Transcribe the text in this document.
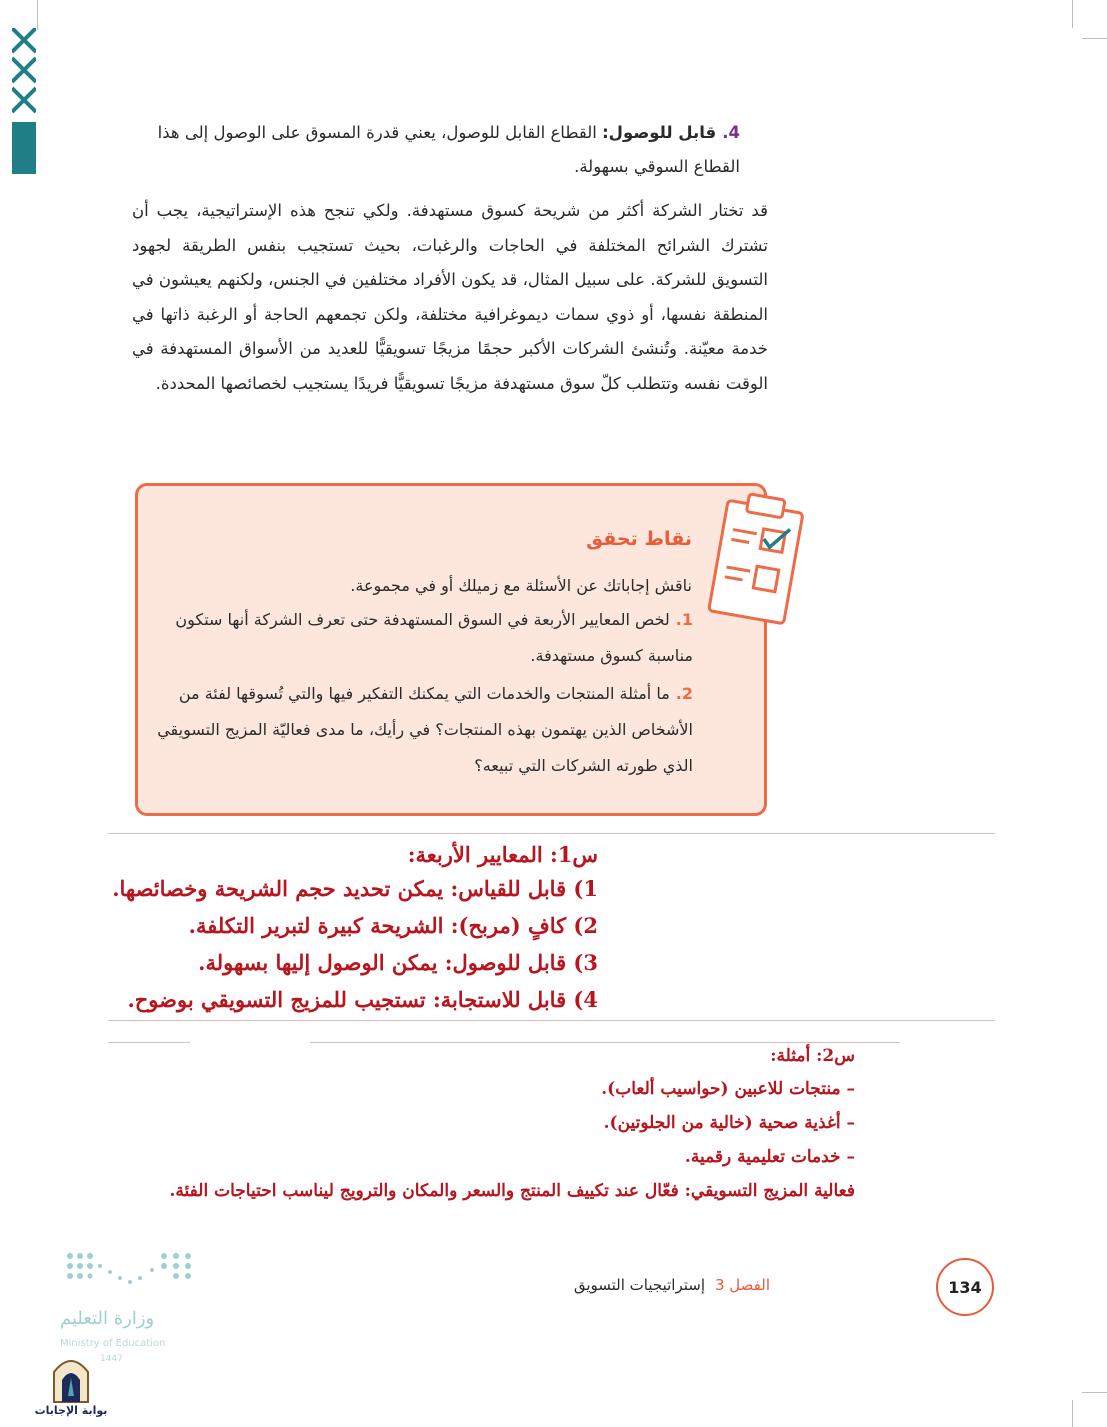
4.قابل للوصول: القطاع القابل للوصول، يعني قدرة المسوق على الوصول إلى هذا القطاع السوقي بسهولة.
قد تختار الشركة أكثر من شريحة كسوق مستهدفة. ولكي تنجح هذه الإستراتيجية، يجب أن تشترك الشرائح المختلفة في الحاجات والرغبات، بحيث تستجيب بنفس الطريقة لجهود التسويق للشركة. على سبيل المثال، قد يكون الأفراد مختلفين في الجنس، ولكنهم يعيشون في المنطقة نفسها، أو ذوي سمات ديموغرافية مختلفة، ولكن تجمعهم الحاجة أو الرغبة ذاتها في خدمة معيّنة. وتُنشئ الشركات الأكبر حجمًا مزيجًا تسويقيًّا للعديد من الأسواق المستهدفة في الوقت نفسه وتتطلب كلّ سوق مستهدفة مزيجًا تسويقيًّا فريدًا يستجيب لخصائصها المحددة.
نقاط تحقق
ناقش إجاباتك عن الأسئلة مع زميلك أو في مجموعة.
1.لخص المعايير الأربعة في السوق المستهدفة حتى تعرف الشركة أنها ستكون مناسبة كسوق مستهدفة.
2.ما أمثلة المنتجات والخدمات التي يمكنك التفكير فيها والتي تُسوقها لفئة من الأشخاص الذين يهتمون بهذه المنتجات؟ في رأيك، ما مدى فعاليّة المزيج التسويقي الذي طورته الشركات التي تبيعه؟
س1: المعايير الأربعة:
1) قابل للقياس: يمكن تحديد حجم الشريحة وخصائصها.
2) كافٍ (مربح): الشريحة كبيرة لتبرير التكلفة.
3) قابل للوصول: يمكن الوصول إليها بسهولة.
4) قابل للاستجابة: تستجيب للمزيج التسويقي بوضوح.
س2: أمثلة:
– منتجات للاعبين (حواسيب ألعاب).
– أغذية صحية (خالية من الجلوتين).
– خدمات تعليمية رقمية.
فعالية المزيج التسويقي: فعّال عند تكييف المنتج والسعر والمكان والترويج ليناسب احتياجات الفئة.
الفصل 3إستراتيجيات التسويق	134
وزارة التعليم
Ministry of Education
1447
بوابة الإجابات
